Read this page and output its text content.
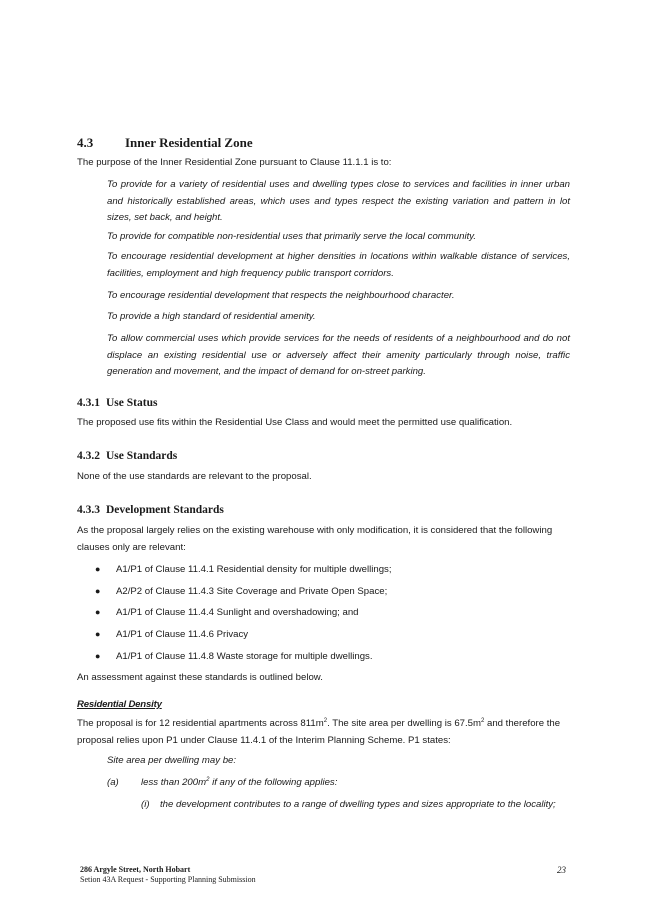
4.3 Inner Residential Zone
The purpose of the Inner Residential Zone pursuant to Clause 11.1.1 is to:
To provide for a variety of residential uses and dwelling types close to services and facilities in inner urban and historically established areas, which uses and types respect the existing variation and pattern in lot sizes, set back, and height.
To provide for compatible non-residential uses that primarily serve the local community.
To encourage residential development at higher densities in locations within walkable distance of services, facilities, employment and high frequency public transport corridors.
To encourage residential development that respects the neighbourhood character.
To provide a high standard of residential amenity.
To allow commercial uses which provide services for the needs of residents of a neighbourhood and do not displace an existing residential use or adversely affect their amenity particularly through noise, traffic generation and movement, and the impact of demand for on-street parking.
4.3.1 Use Status
The proposed use fits within the Residential Use Class and would meet the permitted use qualification.
4.3.2 Use Standards
None of the use standards are relevant to the proposal.
4.3.3 Development Standards
As the proposal largely relies on the existing warehouse with only modification, it is considered that the following clauses only are relevant:
● A1/P1 of Clause 11.4.1 Residential density for multiple dwellings;
● A2/P2 of Clause 11.4.3 Site Coverage and Private Open Space;
● A1/P1 of Clause 11.4.4 Sunlight and overshadowing; and
● A1/P1 of Clause 11.4.6 Privacy
● A1/P1 of Clause 11.4.8 Waste storage for multiple dwellings.
An assessment against these standards is outlined below.
Residential Density
The proposal is for 12 residential apartments across $811m^2$. The site area per dwelling is $67.5m^2$ and therefore the proposal relies upon P1 under Clause 11.4.1 of the Interim Planning Scheme. P1 states:
Site area per dwelling may be:
(a) less than $200m^2$ if any of the following applies:
(i) the development contributes to a range of dwelling types and sizes appropriate to the locality;
286 Argyle Street, North Hobart
Setion 43A Request - Supporting Planning Submission
23
